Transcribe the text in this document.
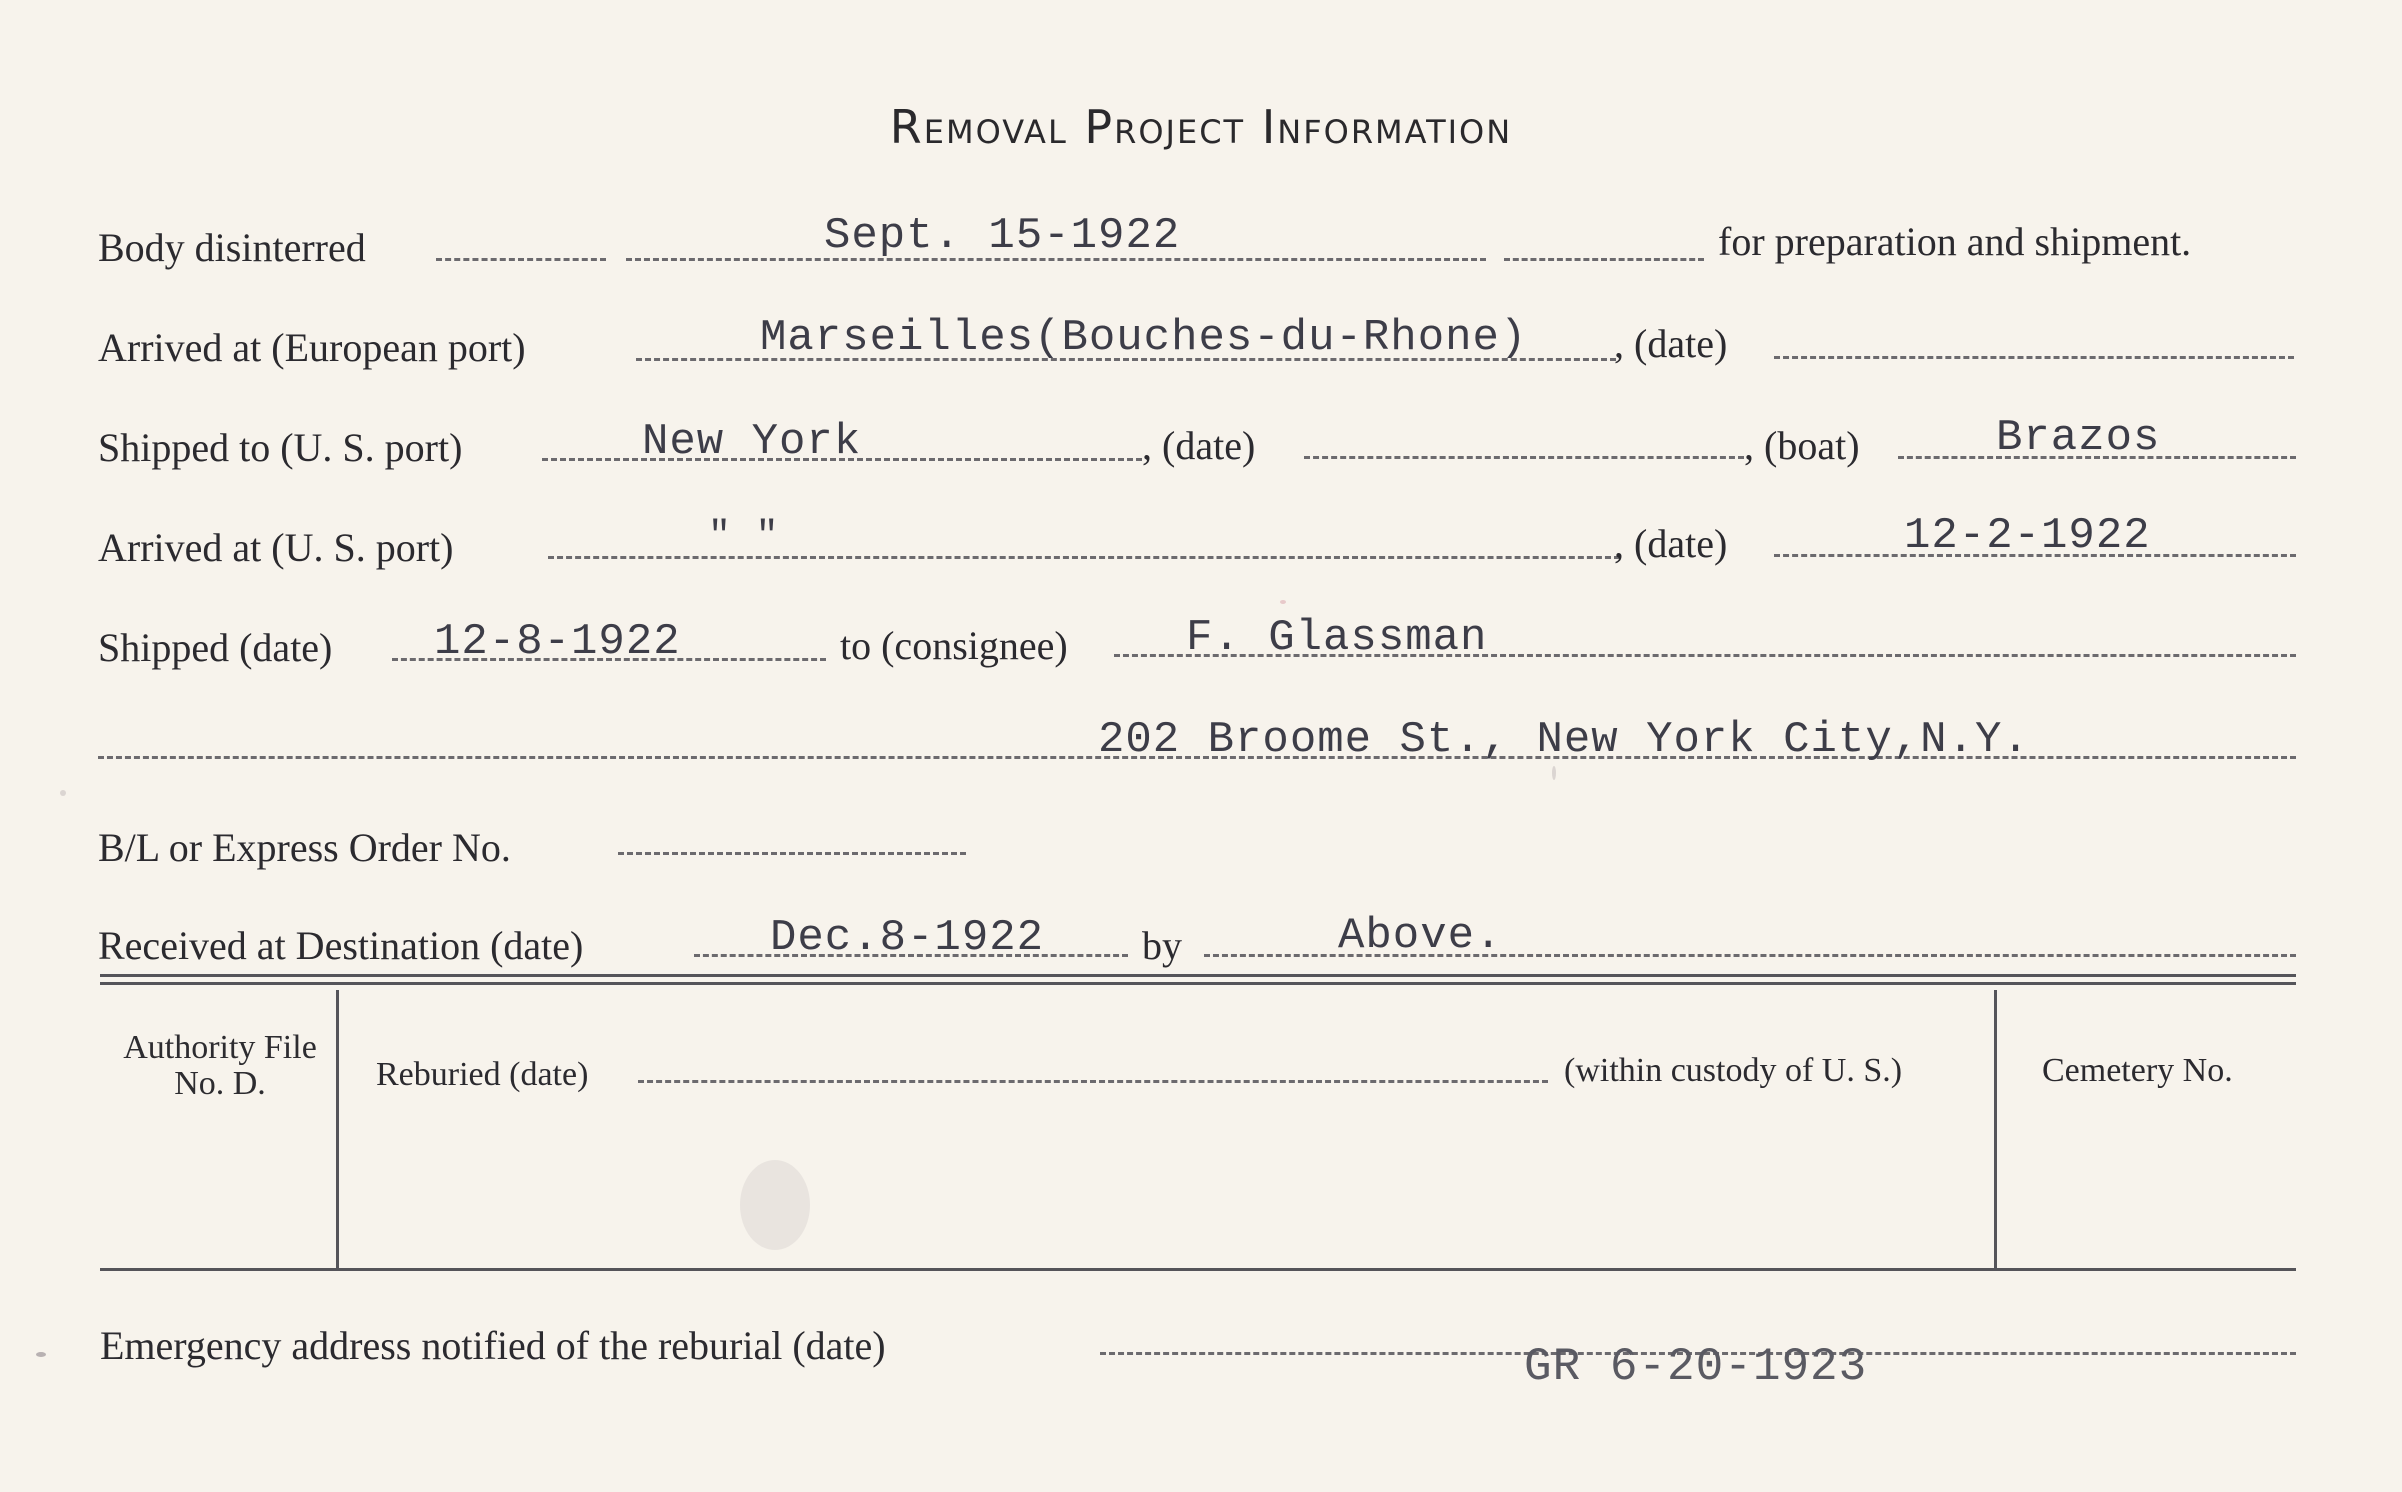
Removal Project Information
Body disinterred	Sept. 15-1922	for preparation and shipment.
Arrived at (European port)	Marseilles(Bouches-du-Rhone) , (date)
Shipped to (U. S. port)	New York	, (date)	, (boat)	Brazos
Arrived at (U. S. port)	" "	, (date)	12-2-1922
Shipped (date) 12-8-1922	to (consignee)	F. Glassman
202 Broome St., New York City,N.Y.
B/L or Express Order No.
Received at Destination (date)	Dec.8-1922 by	Above.
Authority File No. D.	Reburied (date)	(within custody of U. S.)	Cemetery No.
Emergency address notified of the reburial (date)	GR 6-20-1923
